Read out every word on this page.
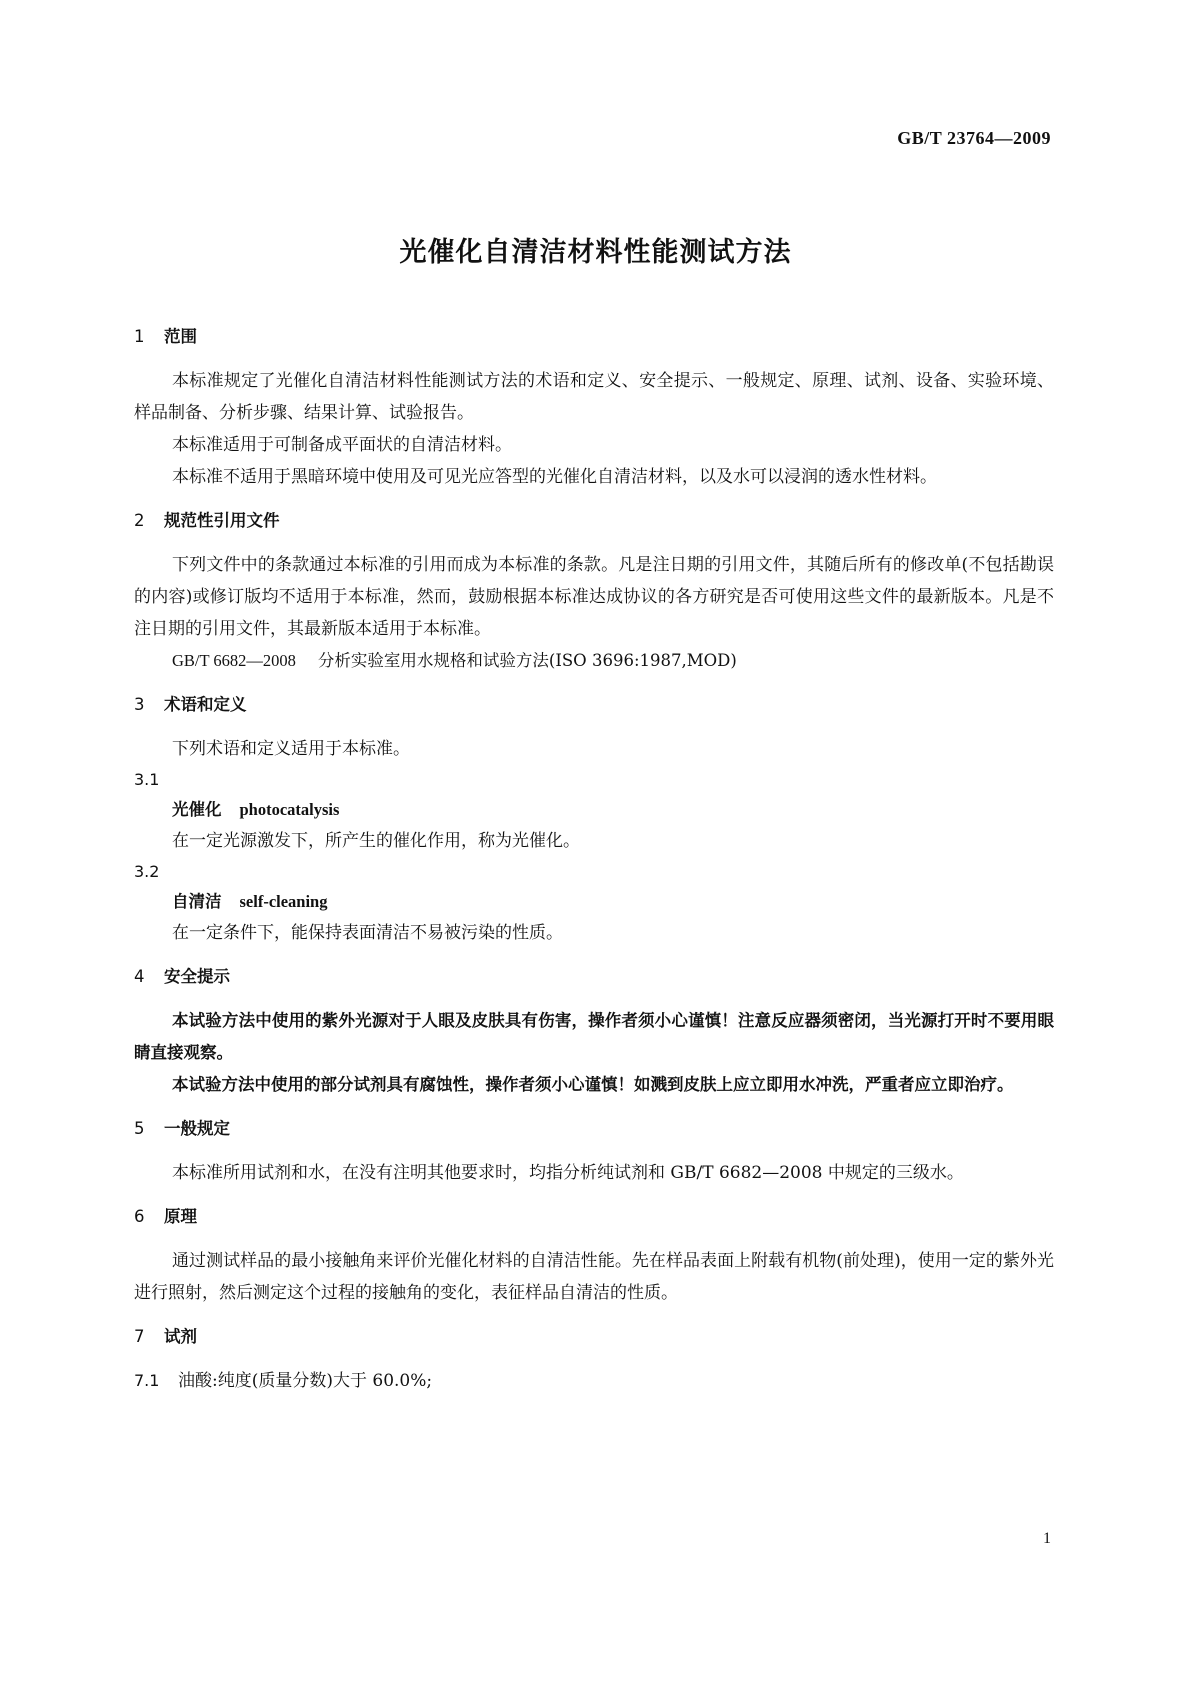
GB/T 23764—2009
光催化自清洁材料性能测试方法
1 范围

本标准规定了光催化自清洁材料性能测试方法的术语和定义、安全提示、一般规定、原理、试剂、设备、实验环境、样品制备、分析步骤、结果计算、试验报告。

本标准适用于可制备成平面状的自清洁材料。

本标准不适用于黑暗环境中使用及可见光应答型的光催化自清洁材料，以及水可以浸润的透水性材料。

2 规范性引用文件

下列文件中的条款通过本标准的引用而成为本标准的条款。凡是注日期的引用文件，其随后所有的修改单(不包括勘误的内容)或修订版均不适用于本标准，然而，鼓励根据本标准达成协议的各方研究是否可使用这些文件的最新版本。凡是不注日期的引用文件，其最新版本适用于本标准。

GB/T 6682—2008 分析实验室用水规格和试验方法(ISO 3696:1987,MOD)

3 术语和定义

下列术语和定义适用于本标准。

3.1

光催化 photocatalysis

在一定光源激发下，所产生的催化作用，称为光催化。

3.2

自清洁 self-cleaning

在一定条件下，能保持表面清洁不易被污染的性质。

4 安全提示

本试验方法中使用的紫外光源对于人眼及皮肤具有伤害，操作者须小心谨慎！注意反应器须密闭，当光源打开时不要用眼睛直接观察。

本试验方法中使用的部分试剂具有腐蚀性，操作者须小心谨慎！如溅到皮肤上应立即用水冲洗，严重者应立即治疗。

5 一般规定

本标准所用试剂和水，在没有注明其他要求时，均指分析纯试剂和 GB/T 6682—2008 中规定的三级水。

6 原理

通过测试样品的最小接触角来评价光催化材料的自清洁性能。先在样品表面上附载有机物(前处理)，使用一定的紫外光进行照射，然后测定这个过程的接触角的变化，表征样品自清洁的性质。

7 试剂

7.1 油酸:纯度(质量分数)大于 60.0%;

1
